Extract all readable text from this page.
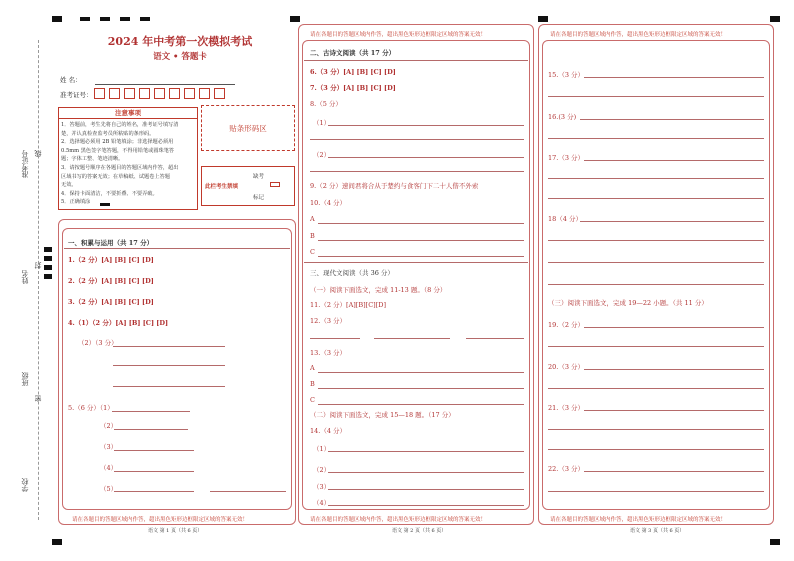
准考证号 线
姓名
封
班级
密
学校
2024 年中考第一次模拟考试
语文 • 答题卡
姓 名：
准考证号：
注意事项
1．答题前，考生先将自己的姓名，准考证号填写清
楚，并认真检查监考员所粘贴的条形码。
2．选择题必须用 2B 铅笔填涂；非选择题必须用
0.5mm 黑色签字笔答题，不得用铅笔或圆珠笔答
题；字体工整、笔迹清晰。
3．请按题号顺序在各题目的答题区域内作答，超出
区域书写的答案无效；在草稿纸、试题卷上答题
无效。
4．保持卡面清洁，不要折叠、不要弄破。
5．正确填涂
贴条形码区
此栏考生禁填
缺考
标记
请在各题目的答题区域内作答，超出黑色矩形边框限定区域的答案无效！
语文 第 1 页（共 6 页）
一、积累与运用（共 17 分）
1.（2 分）[A] [B] [C] [D]
2.（2 分）[A] [B] [C] [D]
3.（2 分）[A] [B] [C] [D]
4.（1）（2 分）[A] [B] [C] [D]
（2）（3 分）
5.（6 分）（1）
（2）
（3）
（4）
（5）
请在各题目的答题区域内作答，超出黑色矩形边框限定区域的答案无效！
请在各题目的答题区域内作答，超出黑色矩形边框限定区域的答案无效！
语文 第 2 页（共 6 页）
二、古诗文阅读（共 17 分）
6.（3 分）[A] [B] [C] [D]
7.（3 分）[A] [B] [C] [D]
8.（5 分）
（1）
（2）
9.（2 分）速间君将合从于楚约与食客门下二十人偕不外索
10.（4 分）
A
B
C
三、现代文阅读（共 36 分）
（一）阅读下面选文，完成 11-13 题。（8 分）
11.（2 分）[A][B][C][D]
12.（3 分）
13.（3 分）
A
B
C
（二）阅读下面选文，完成 15—18 题。（17 分）
14.（4 分）
（1）
（2）
（3）
（4）
请在各题目的答题区域内作答，超出黑色矩形边框限定区域的答案无效！
请在各题目的答题区域内作答，超出黑色矩形边框限定区域的答案无效！
语文 第 3 页（共 6 页）
15.（3 分）
16.(3 分)
17.（3 分）
18（4 分）
（三）阅读下面选文，完成 19—22 小题。（共 11 分）
19.（2 分）
20.（3 分）
21.（3 分）
22.（3 分）
